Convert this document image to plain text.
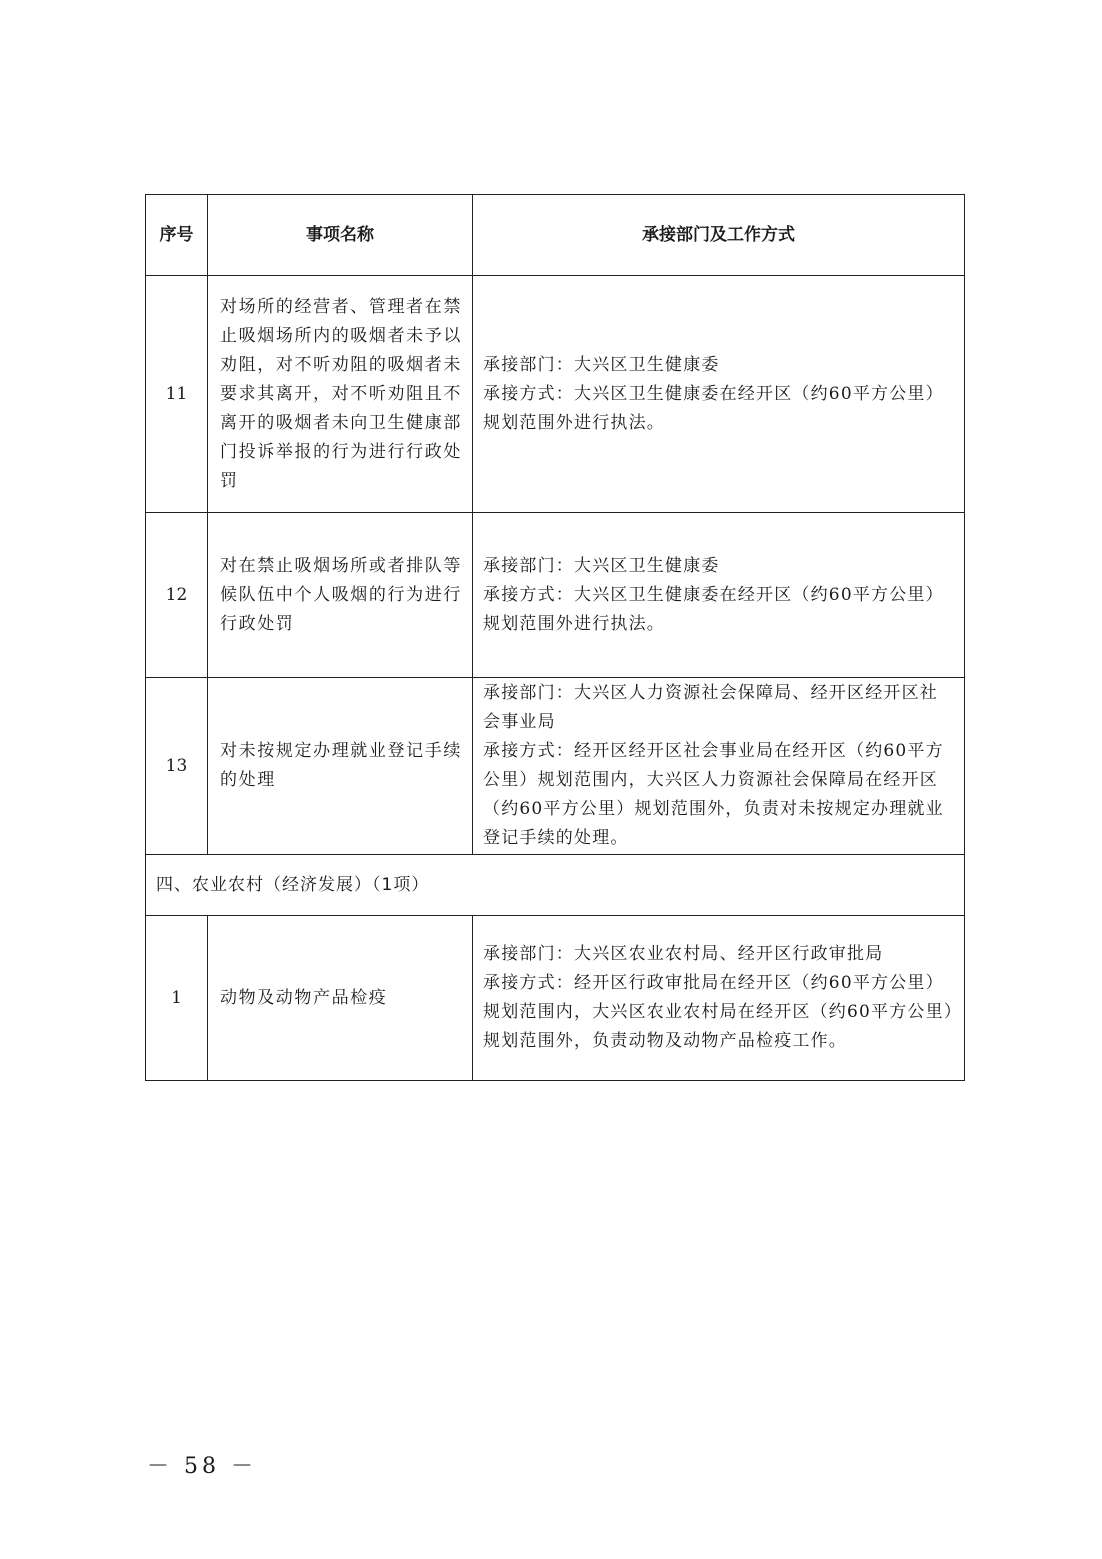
序号	事项名称	承接部门及工作方式
11	对场所的经营者、管理者在禁止吸烟场所内的吸烟者未予以劝阻，对不听劝阻的吸烟者未要求其离开，对不听劝阻且不离开的吸烟者未向卫生健康部门投诉举报的行为进行行政处罚	承接部门：大兴区卫生健康委
承接方式：大兴区卫生健康委在经开区（约60平方公里）规划范围外进行执法。

12	对在禁止吸烟场所或者排队等候队伍中个人吸烟的行为进行行政处罚	承接部门：大兴区卫生健康委
承接方式：大兴区卫生健康委在经开区（约60平方公里）规划范围外进行执法。

13	对未按规定办理就业登记手续的处理	承接部门：大兴区人力资源社会保障局、经开区经开区社会事业局
承接方式：经开区经开区社会事业局在经开区（约60平方公里）规划范围内，大兴区人力资源社会保障局在经开区（约60平方公里）规划范围外，负责对未按规定办理就业登记手续的处理。

四、农业农村（经济发展）（1项）		
1	动物及动物产品检疫	承接部门：大兴区农业农村局、经开区行政审批局
承接方式：经开区行政审批局在经开区（约60平方公里）规划范围内，大兴区农业农村局在经开区（约60平方公里）规划范围外，负责动物及动物产品检疫工作。
－ 58 －
